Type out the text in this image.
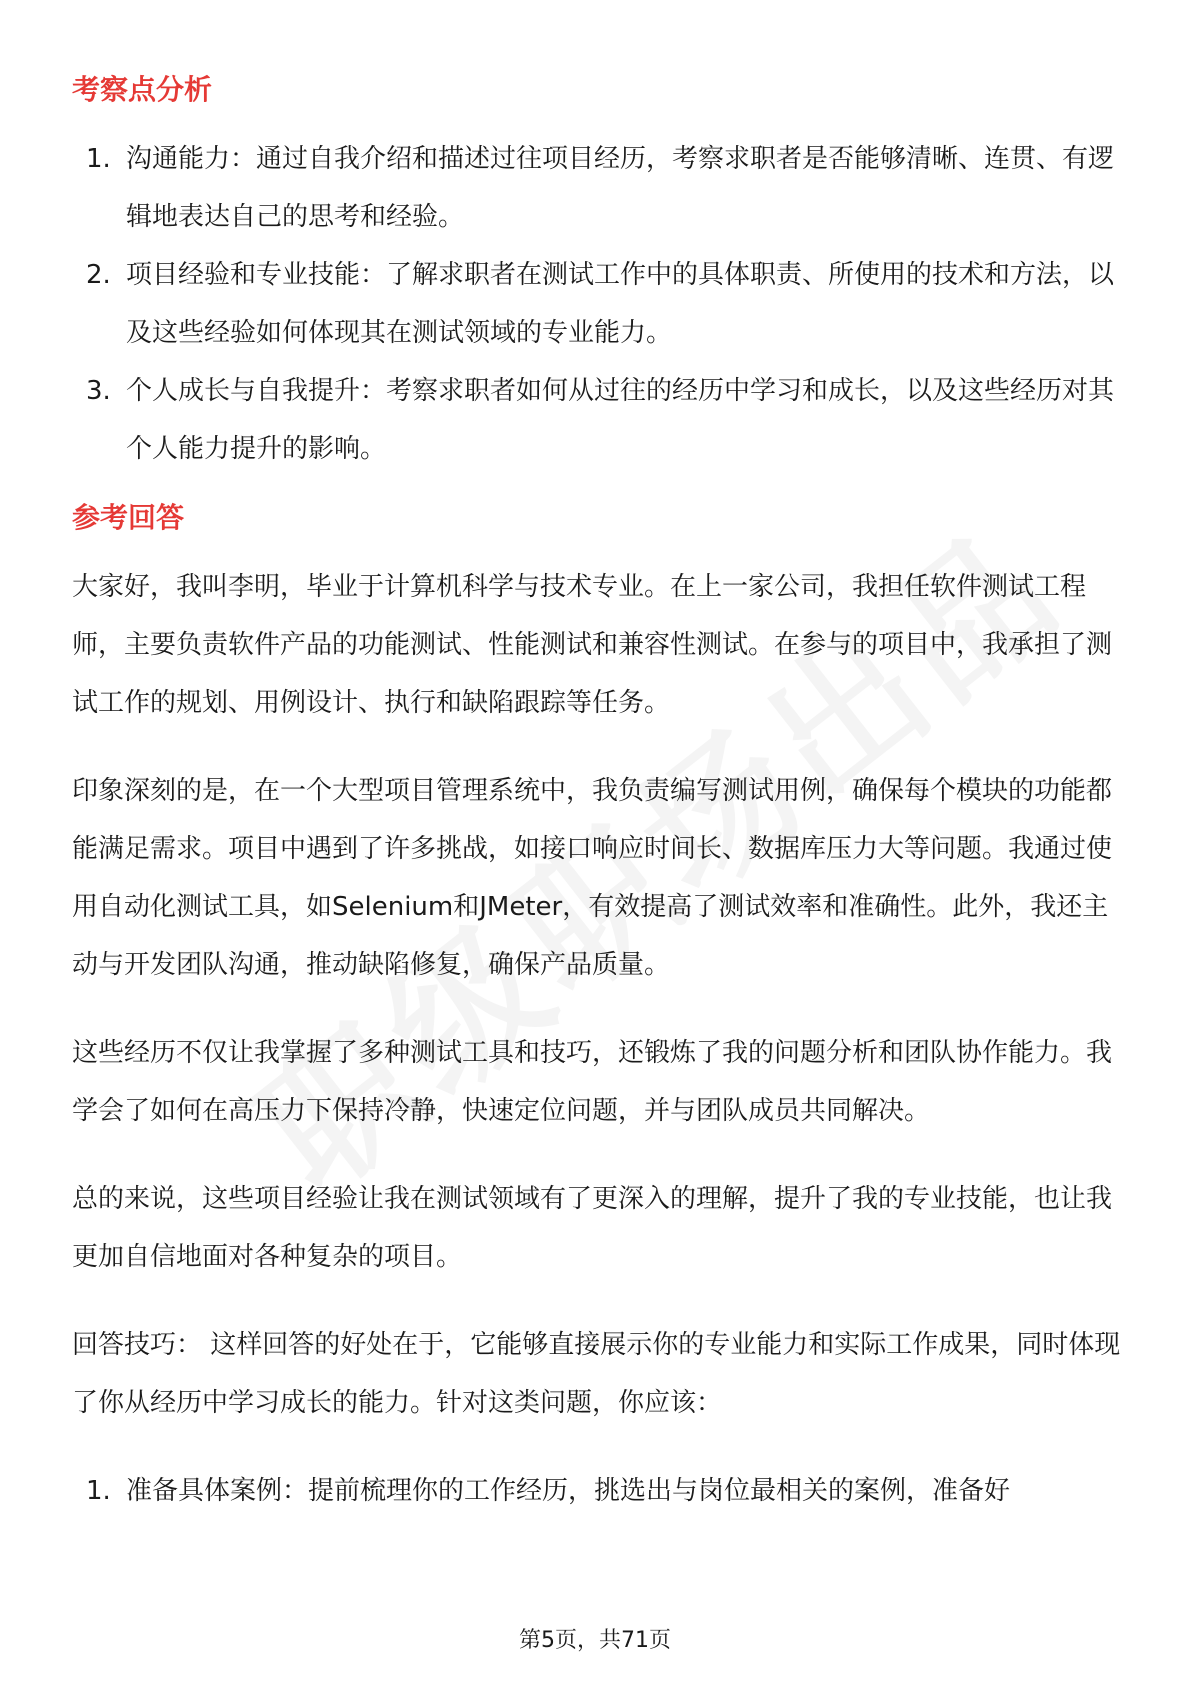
考察点分析
1. 沟通能力：通过自我介绍和描述过往项目经历，考察求职者是否能够清晰、连贯、有逻辑地表达自己的思考和经验。
2. 项目经验和专业技能：了解求职者在测试工作中的具体职责、所使用的技术和方法，以及这些经验如何体现其在测试领域的专业能力。
3. 个人成长与自我提升：考察求职者如何从过往的经历中学习和成长，以及这些经历对其个人能力提升的影响。
参考回答

大家好，我叫李明，毕业于计算机科学与技术专业。在上一家公司，我担任软件测试工程师，主要负责软件产品的功能测试、性能测试和兼容性测试。在参与的项目中，我承担了测试工作的规划、用例设计、执行和缺陷跟踪等任务。

印象深刻的是，在一个大型项目管理系统中，我负责编写测试用例，确保每个模块的功能都能满足需求。项目中遇到了许多挑战，如接口响应时间长、数据库压力大等问题。我通过使用自动化测试工具，如Selenium和JMeter，有效提高了测试效率和准确性。此外，我还主动与开发团队沟通，推动缺陷修复，确保产品质量。

这些经历不仅让我掌握了多种测试工具和技巧，还锻炼了我的问题分析和团队协作能力。我学会了如何在高压力下保持冷静，快速定位问题，并与团队成员共同解决。

总的来说，这些项目经验让我在测试领域有了更深入的理解，提升了我的专业技能，也让我更加自信地面对各种复杂的项目。

回答技巧： 这样回答的好处在于，它能够直接展示你的专业能力和实际工作成果，同时体现了你从经历中学习成长的能力。针对这类问题，你应该：

1. 准备具体案例：提前梳理你的工作经历，挑选出与岗位最相关的案例，准备好
第5页，共71页
